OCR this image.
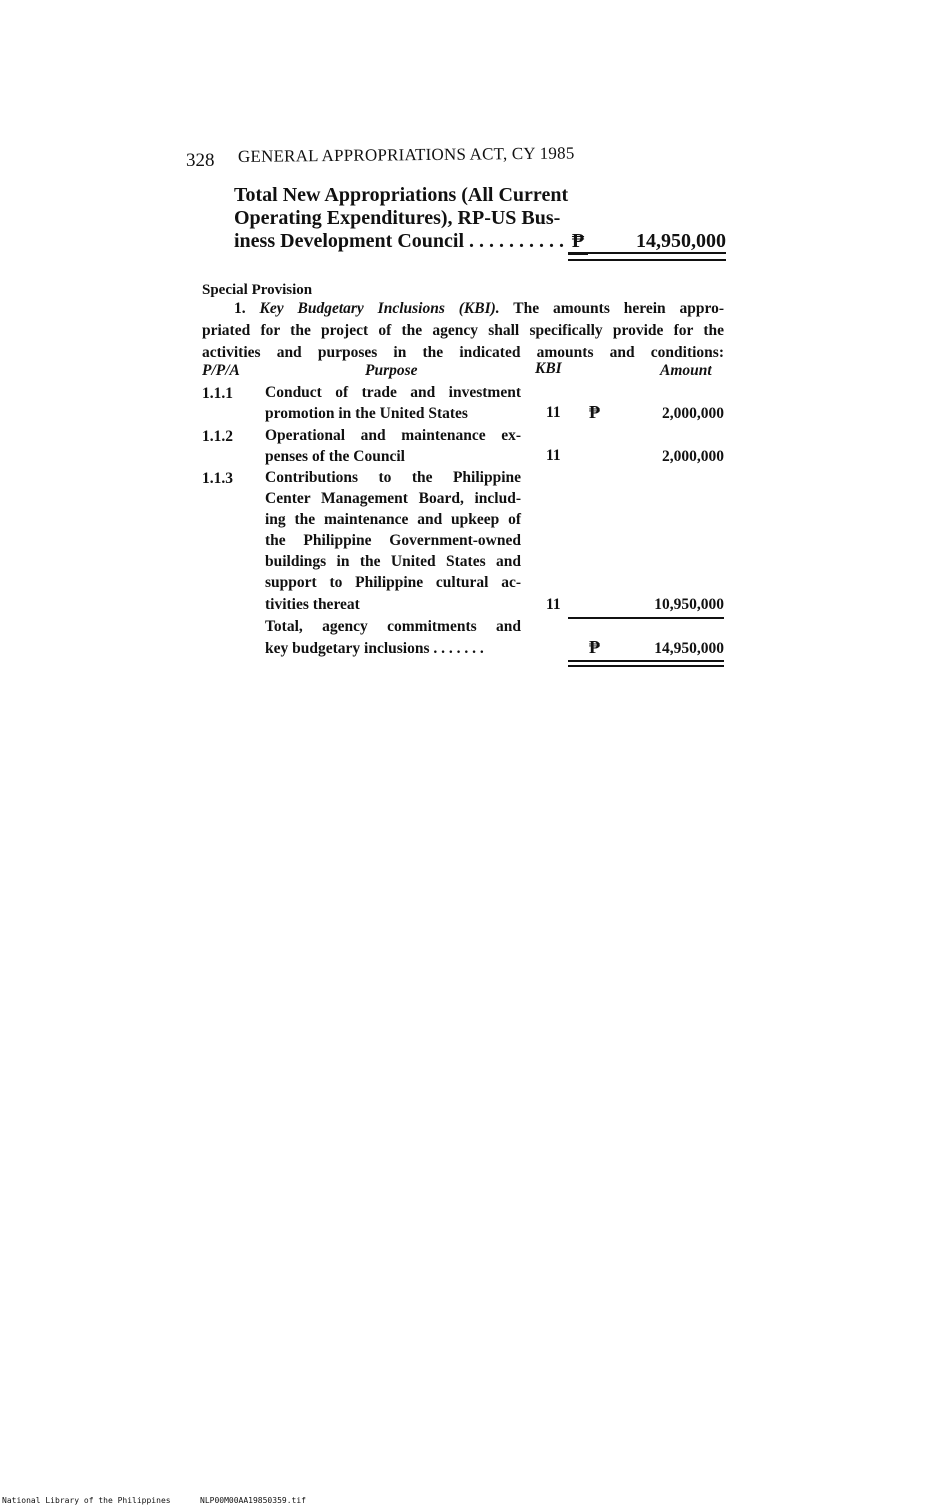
328 GENERAL APPROPRIATIONS ACT, CY 1985
Total New Appropriations (All Current
Operating Expenditures), RP-US Bus-
iness Development Council . . . . . . . . . . ₱	14,950,000
Special Provision
1. Key Budgetary Inclusions (KBI). The amounts herein appro-
priated for the project of the agency shall specifically provide for the
activities and purposes in the indicated amounts and conditions:
P/P/A	Purpose	KBI	Amount
1.1.1 Conduct of trade and investment
promotion in the United States	11 ₱	2,000,000
1.1.2 Operational and maintenance ex-
penses of the Council	11	2,000,000
1.1.3 Contributions to the Philippine
Center Management Board, includ-
ing the maintenance and upkeep of
the Philippine Government-owned
buildings in the United States and
support to Philippine cultural ac-
tivities thereat	11	10,950,000
Total, agency commitments and
key budgetary inclusions . . . . . . .	₱	14,950,000
National Library of the Philippines	NLP00M00AA19850359.tif
